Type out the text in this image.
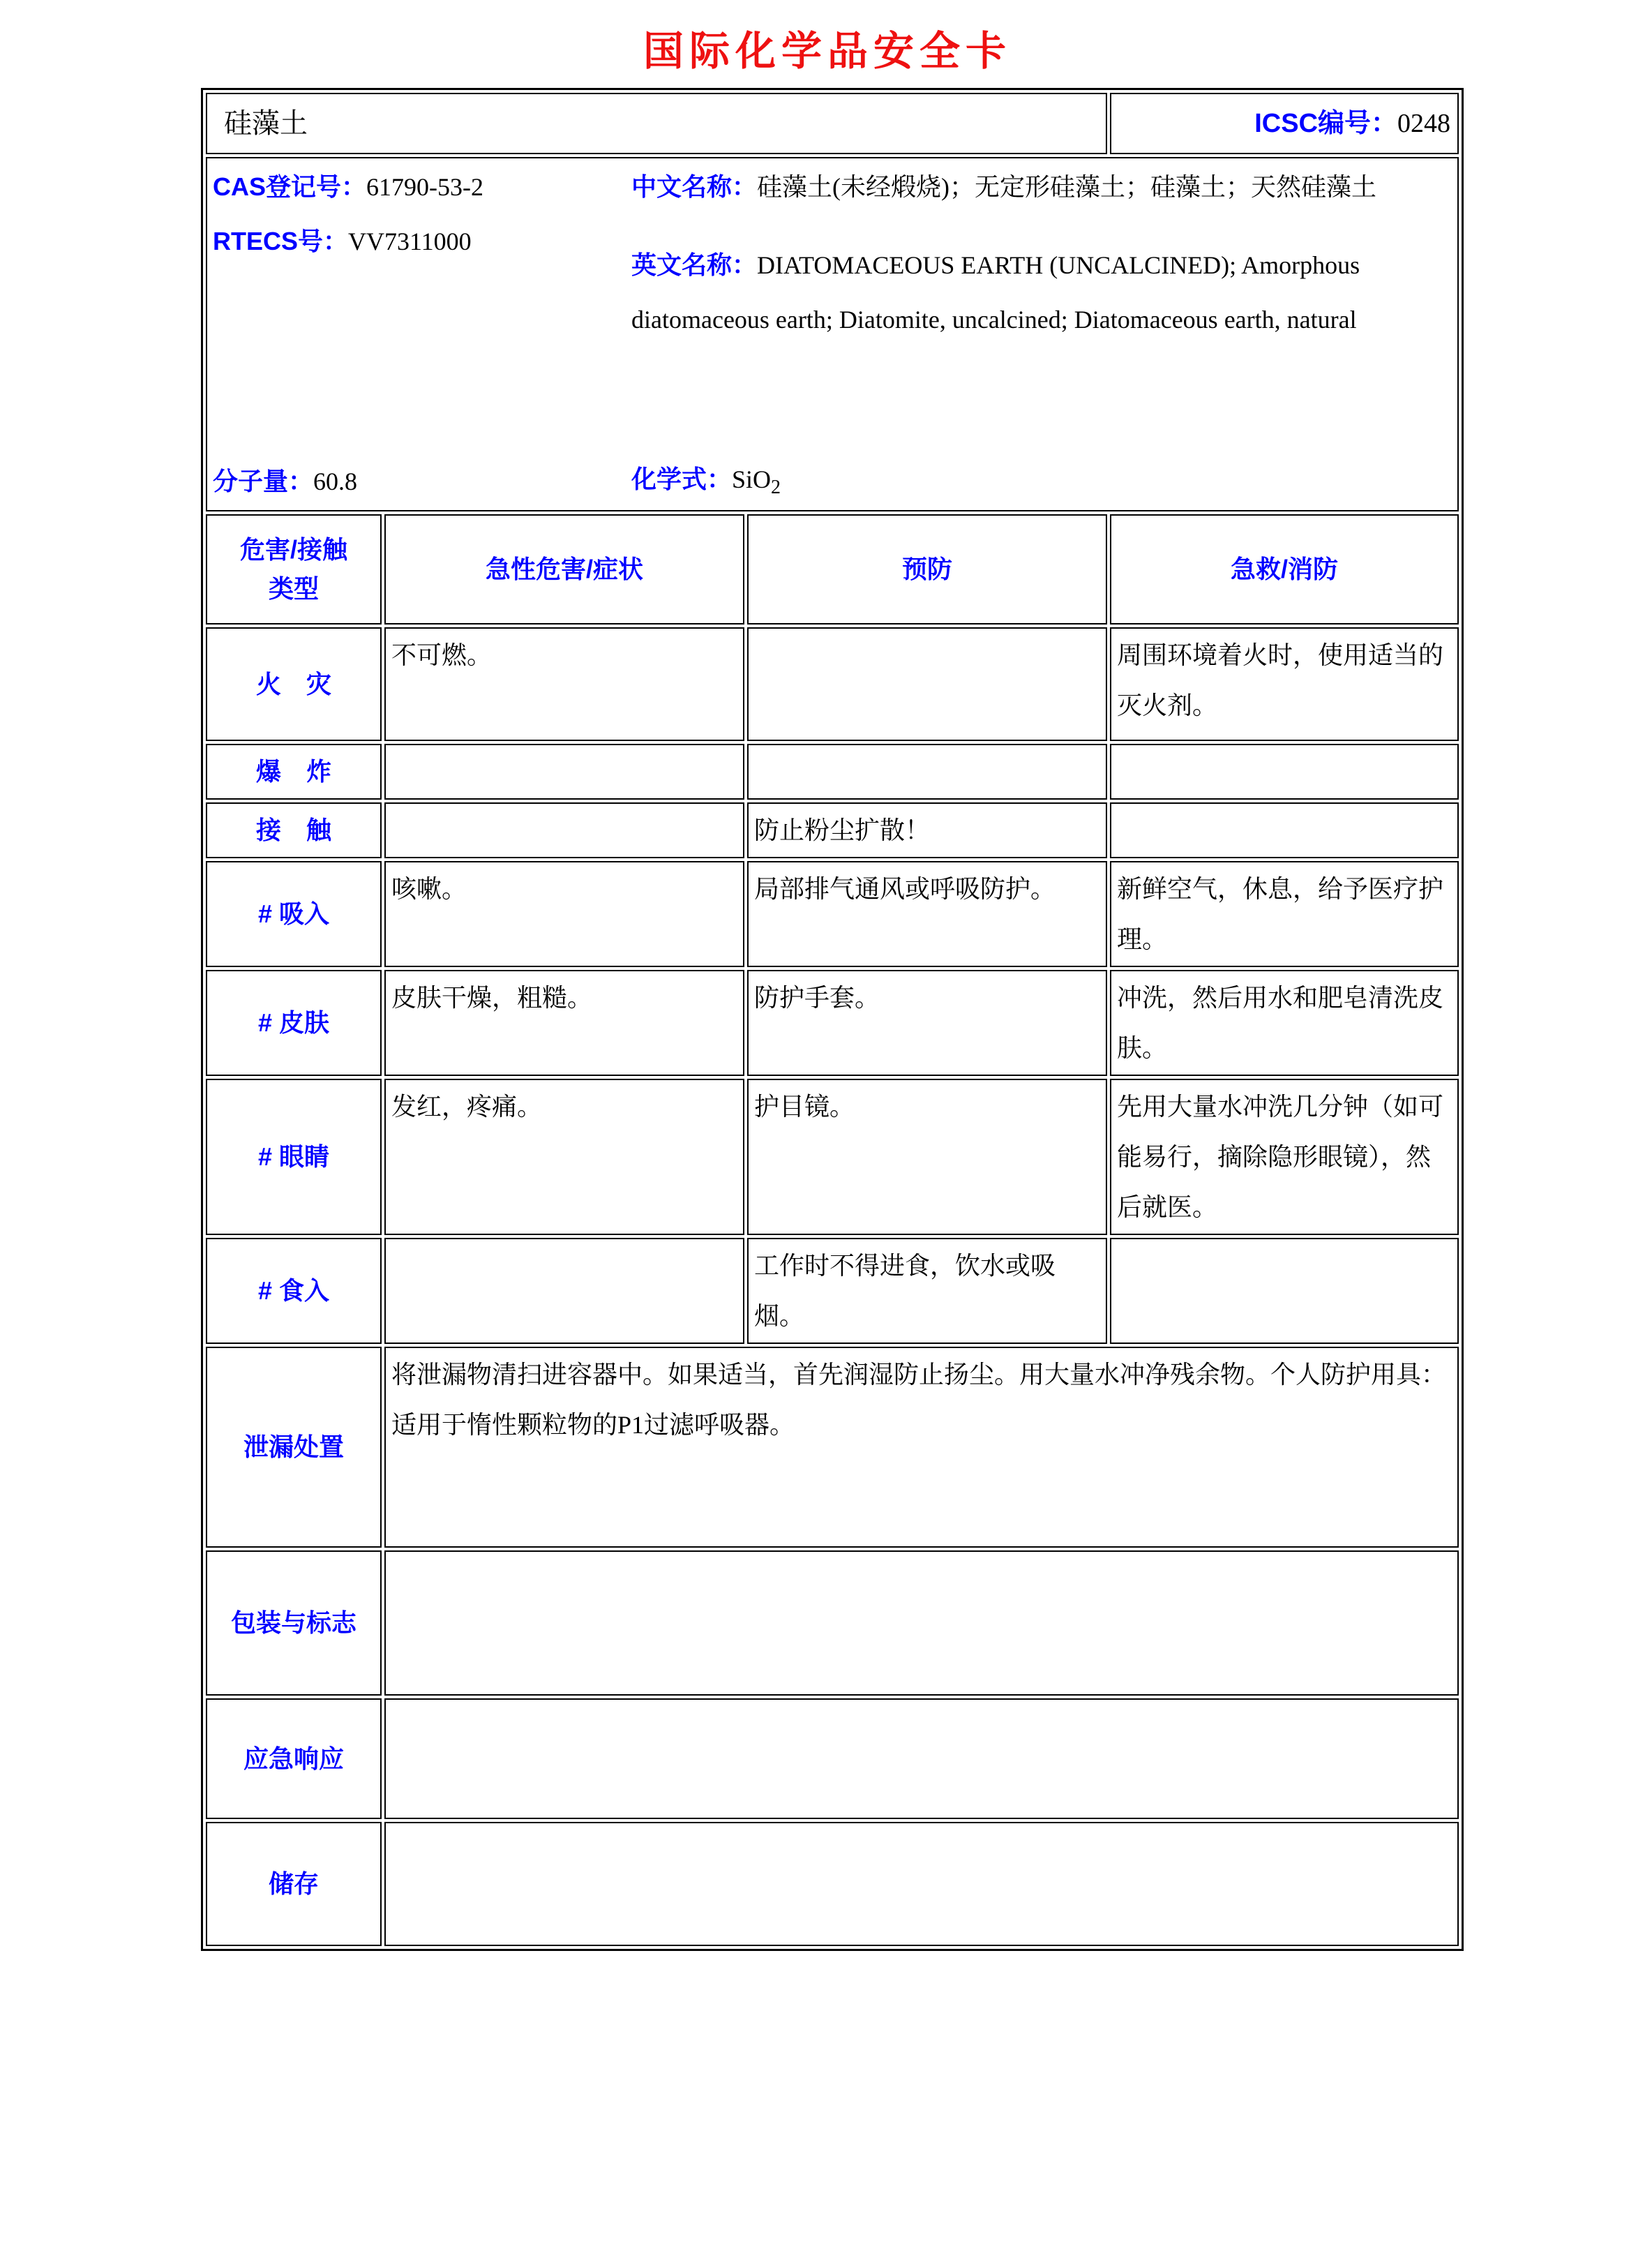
国际化学品安全卡
硅藻土			ICSC编号：0248

CAS登记号：61790-53-2
RTECS号：VV7311000
分子量：60.8
中文名称：硅藻土(未经煅烧)；无定形硅藻土；硅藻土；天然硅藻土
英文名称：DIATOMACEOUS EARTH (UNCALCINED); Amorphous diatomaceous earth; Diatomite, uncalcined; Diatomaceous earth, natural
化学式：SiO$_2$

危害/接触
类型	急性危害/症状	预防	急救/消防
火　灾	不可燃。		周围环境着火时，使用适当的灭火剂。
爆　炸			
接　触		防止粉尘扩散！	
# 吸入	咳嗽。	局部排气通风或呼吸防护。	新鲜空气，休息，给予医疗护理。
# 皮肤	皮肤干燥，粗糙。	防护手套。	冲洗，然后用水和肥皂清洗皮肤。
# 眼睛	发红，疼痛。	护目镜。	先用大量水冲洗几分钟（如可能易行，摘除隐形眼镜），然后就医。
# 食入		工作时不得进食，饮水或吸烟。	
泄漏处置	将泄漏物清扫进容器中。如果适当，首先润湿防止扬尘。用大量水冲净残余物。个人防护用具：适用于惰性颗粒物的P1过滤呼吸器。		
包装与标志			
应急响应			
储存			
